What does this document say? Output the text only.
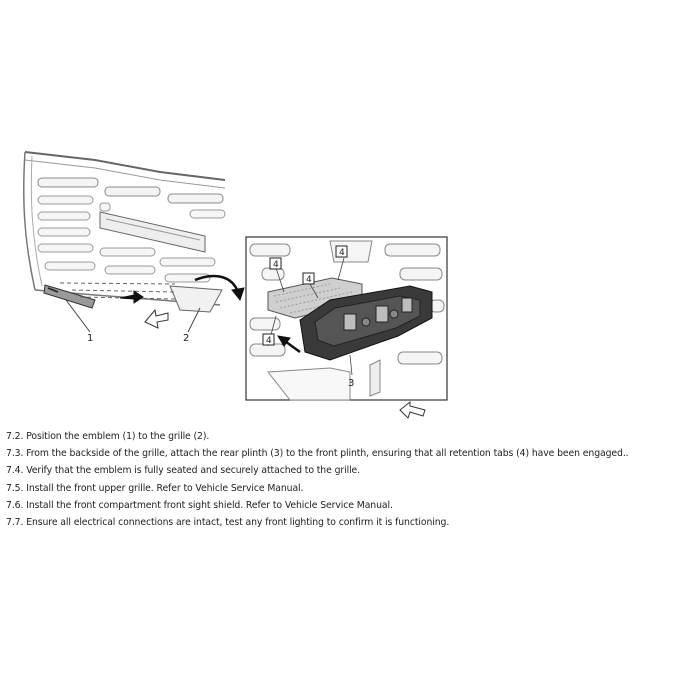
1	2
4
4
4
4
3
7.2. Position the emblem (1) to the grille (2).
7.3. From the backside of the grille, attach the rear plinth (3) to the front plinth, ensuring that all retention tabs (4) have been engaged..
7.4. Verify that the emblem is fully seated and securely attached to the grille.
7.5. Install the front upper grille. Refer to Vehicle Service Manual.
7.6. Install the front compartment front sight shield. Refer to Vehicle Service Manual.
7.7. Ensure all electrical connections are intact, test any front lighting to confirm it is functioning.
